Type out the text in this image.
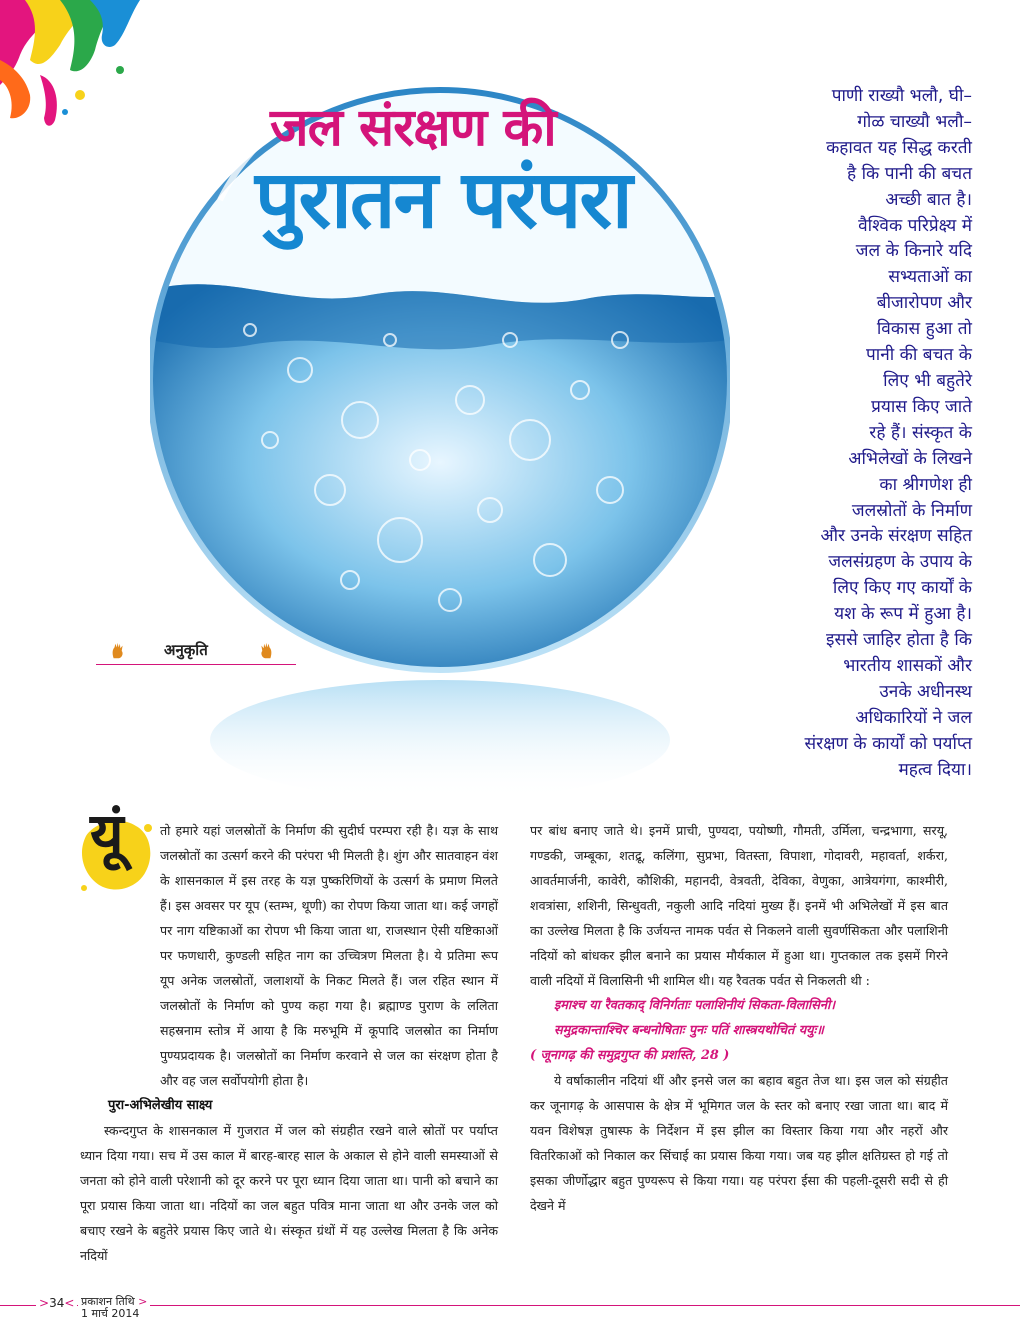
जल संरक्षण की
पुरातन परंपरा
पाणी राख्यौ भलौ, घी–
गोळ चाख्यौ भलौ–
कहावत यह सिद्ध करती
है कि पानी की बचत
अच्छी बात है।
वैश्विक परिप्रेक्ष्य में
जल के किनारे यदि
सभ्यताओं का
बीजारोपण और
विकास हुआ तो
पानी की बचत के
लिए भी बहुतेरे
प्रयास किए जाते
रहे हैं। संस्कृत के
अभिलेखों के लिखने
का श्रीगणेश ही
जलस्रोतों के निर्माण
और उनके संरक्षण सहित
जलसंग्रहण के उपाय के
लिए किए गए कार्यों के
यश के रूप में हुआ है।
इससे जाहिर होता है कि
भारतीय शासकों और
उनके अधीनस्थ
अधिकारियों ने जल
संरक्षण के कार्यों को पर्याप्त
महत्व दिया।
अनुकृति
यूं	तो हमारे यहां जलस्रोतों के निर्माण की सुदीर्घ परम्परा रही है। यज्ञ के साथ जलस्रोतों का उत्सर्ग करने की परंपरा भी मिलती है। शुंग और सातवाहन वंश के शासनकाल में इस तरह के यज्ञ पुष्करिणियों के उत्सर्ग के प्रमाण मिलते हैं। इस अवसर पर यूप (स्तम्भ, थूणी) का रोपण किया जाता था। कई जगहों पर नाग यष्टिकाओं का रोपण भी किया जाता था, राजस्थान ऐसी यष्टिकाओं पर फणधारी, कुण्डली सहित नाग का उच्चित्रण मिलता है। ये प्रतिमा रूप यूप अनेक जलस्रोतों, जलाशयों के निकट मिलते हैं। जल रहित स्थान में जलस्रोतों के निर्माण को पुण्य कहा गया है। ब्रह्माण्ड पुराण के ललिता सहस्रनाम स्तोत्र में आया है कि मरुभूमि में कूपादि जलस्रोत का निर्माण पुण्यप्रदायक है। जलस्रोतों का निर्माण करवाने से जल का संरक्षण होता है और वह जल सर्वोपयोगी होता है।

पुरा-अभिलेखीय साक्ष्य

स्कन्दगुप्त के शासनकाल में गुजरात में जल को संग्रहीत रखने वाले स्रोतों पर पर्याप्त ध्यान दिया गया। सच में उस काल में बारह-बारह साल के अकाल से होने वाली समस्याओं से जनता को होने वाली परेशानी को दूर करने पर पूरा ध्यान दिया जाता था। पानी को बचाने का पूरा प्रयास किया जाता था। नदियों का जल बहुत पवित्र माना जाता था और उनके जल को बचाए रखने के बहुतेरे प्रयास किए जाते थे। संस्कृत ग्रंथों में यह उल्लेख मिलता है कि अनेक नदियों

पर बांध बनाए जाते थे। इनमें प्राची, पुण्यदा, पयोष्णी, गौमती, उर्मिला, चन्द्रभागा, सरयू, गण्डकी, जम्बूका, शतद्रू, कलिंगा, सुप्रभा, वितस्ता, विपाशा, गोदावरी, महावर्ता, शर्करा, आवर्तमार्जनी, कावेरी, कौशिकी, महानदी, वेत्रवती, देविका, वेणुका, आत्रेयगंगा, काश्मीरी, शवत्रांसा, शशिनी, सिन्धुवती, नकुली आदि नदियां मुख्य हैं। इनमें भी अभिलेखों में इस बात का उल्लेख मिलता है कि उर्जयन्त नामक पर्वत से निकलने वाली सुवर्णसिकता और पलाशिनी नदियों को बांधकर झील बनाने का प्रयास मौर्यकाल में हुआ था। गुप्तकाल तक इसमें गिरने वाली नदियों में विलासिनी भी शामिल थी। यह रैवतक पर्वत से निकलती थी :

इमाश्च या रैवतकाद् विनिर्गताः पलाशिनीयं सिकता-विलासिनी।

समुद्रकान्ताश्चिर बन्धनोषिताः पुनः पतिं शास्त्रयथोचितं ययुः॥

( जूनागढ़ की समुद्रगुप्त की प्रशस्ति, 28 )

ये वर्षाकालीन नदियां थीं और इनसे जल का बहाव बहुत तेज था। इस जल को संग्रहीत कर जूनागढ़ के आसपास के क्षेत्र में भूमिगत जल के स्तर को बनाए रखा जाता था। बाद में यवन विशेषज्ञ तुषास्फ के निर्देशन में इस झील का विस्तार किया गया और नहरों और वितरिकाओं को निकाल कर सिंचाई का प्रयास किया गया। जब यह झील क्षतिग्रस्त हो गई तो इसका जीर्णोद्धार बहुत पुण्यरूप से किया गया। यह परंपरा ईसा की पहली-दूसरी सदी से ही देखने में

>34< प्रकाशन तिथि >
1 मार्च 2014
